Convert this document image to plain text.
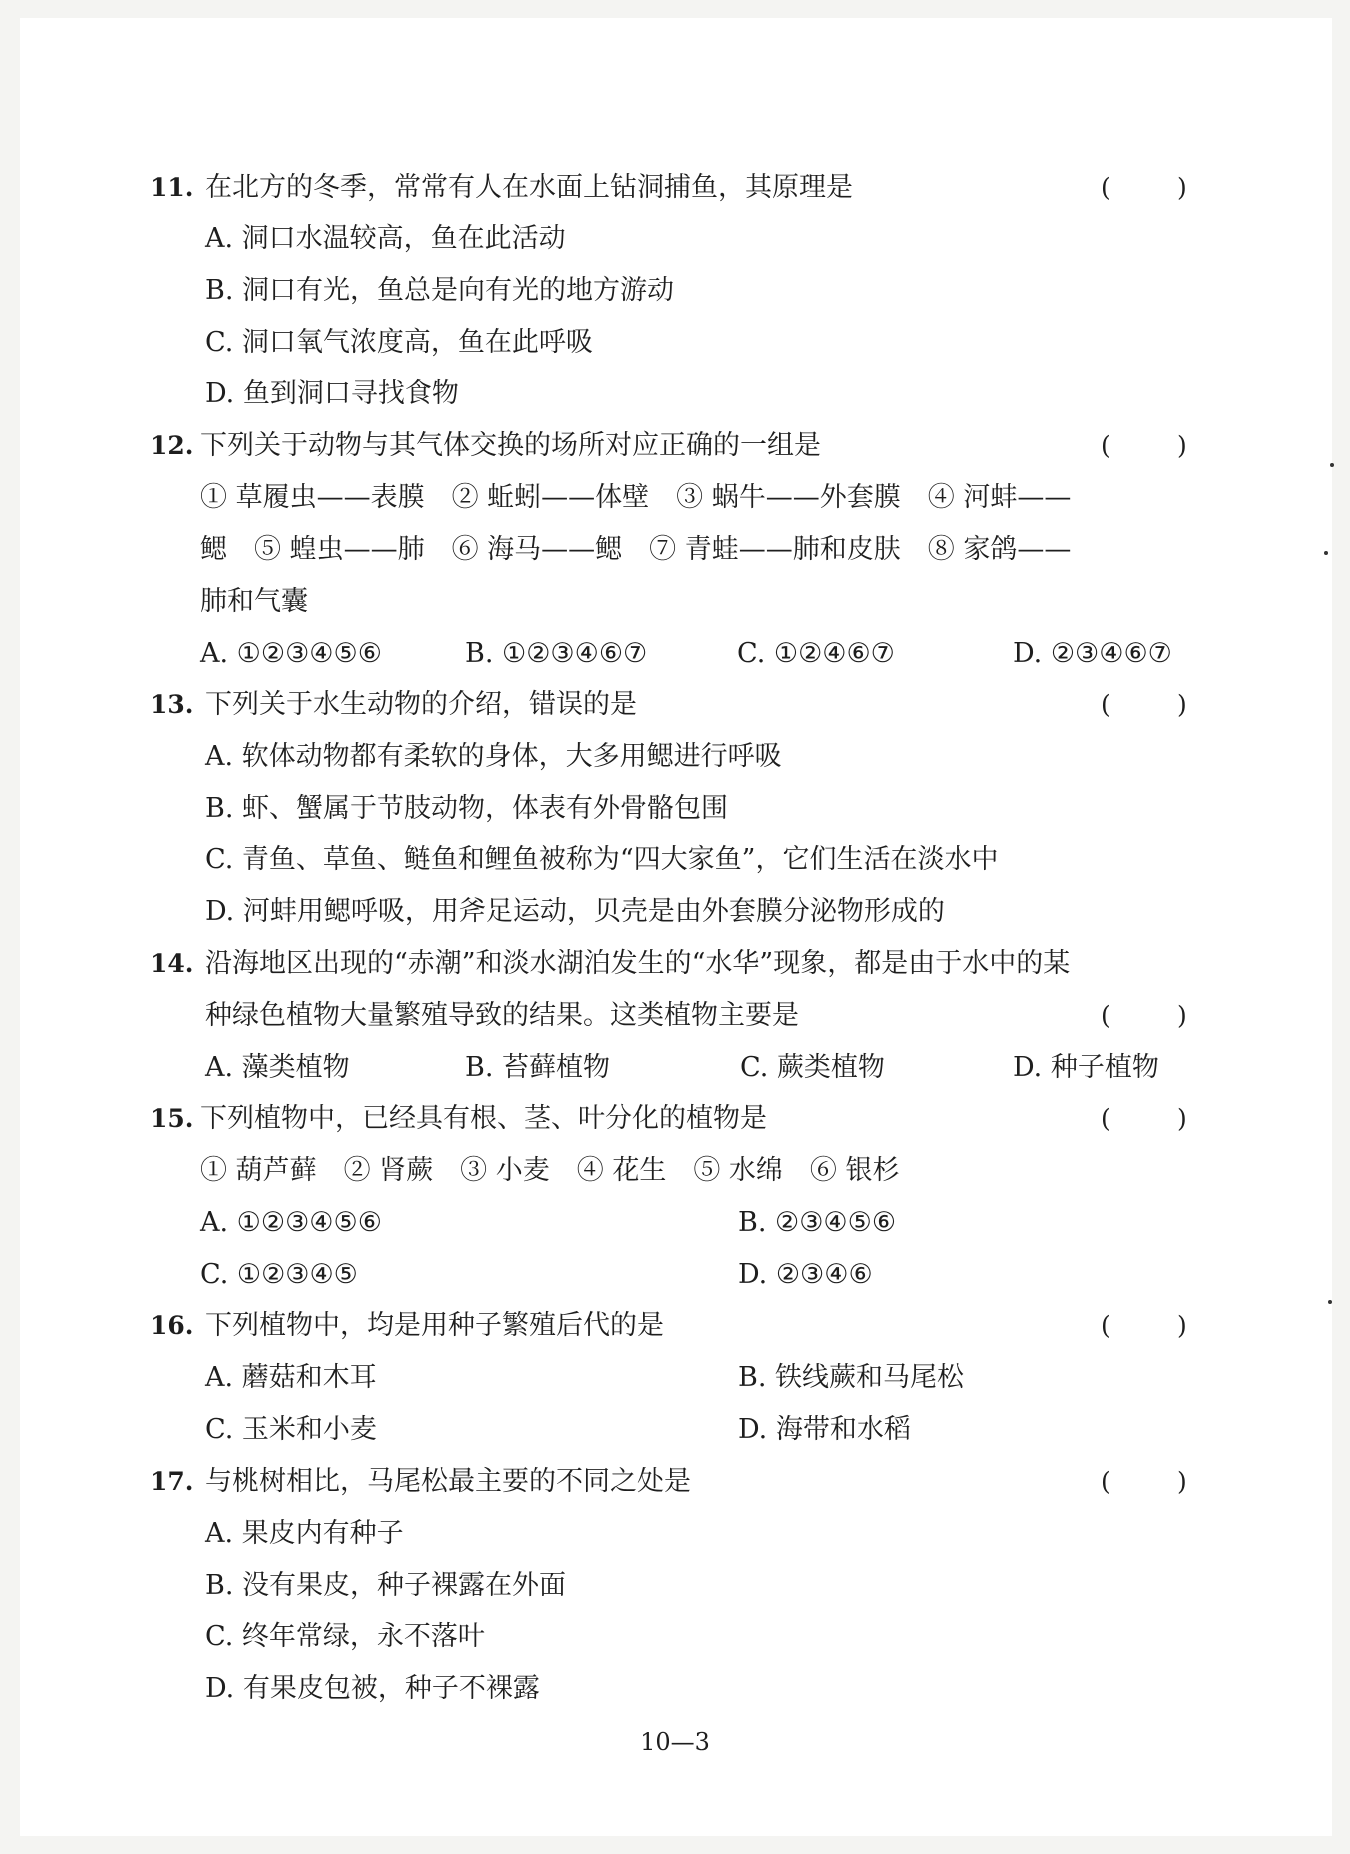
11. 在北方的冬季，常常有人在水面上钻洞捕鱼，其原理是	(	)
A. 洞口水温较高，鱼在此活动
B. 洞口有光，鱼总是向有光的地方游动
C. 洞口氧气浓度高，鱼在此呼吸
D. 鱼到洞口寻找食物
12. 下列关于动物与其气体交换的场所对应正确的一组是	(	)
① 草履虫——表膜　② 蚯蚓——体壁　③ 蜗牛——外套膜　④ 河蚌——
鳃　⑤ 蝗虫——肺　⑥ 海马——鳃　⑦ 青蛙——肺和皮肤　⑧ 家鸽——
肺和气囊
A. ①②③④⑤⑥	B. ①②③④⑥⑦	C. ①②④⑥⑦	D. ②③④⑥⑦
13. 下列关于水生动物的介绍，错误的是	(	)
A. 软体动物都有柔软的身体，大多用鳃进行呼吸
B. 虾、蟹属于节肢动物，体表有外骨骼包围
C. 青鱼、草鱼、鲢鱼和鲤鱼被称为“四大家鱼”，它们生活在淡水中
D. 河蚌用鳃呼吸，用斧足运动，贝壳是由外套膜分泌物形成的
14. 沿海地区出现的“赤潮”和淡水湖泊发生的“水华”现象，都是由于水中的某
种绿色植物大量繁殖导致的结果。这类植物主要是	(	)
A. 藻类植物	B. 苔藓植物	C. 蕨类植物	D. 种子植物
15. 下列植物中，已经具有根、茎、叶分化的植物是	(	)
① 葫芦藓　② 肾蕨　③ 小麦　④ 花生　⑤ 水绵　⑥ 银杉
A. ①②③④⑤⑥	B. ②③④⑤⑥
C. ①②③④⑤	D. ②③④⑥
16. 下列植物中，均是用种子繁殖后代的是	(	)
A. 蘑菇和木耳	B. 铁线蕨和马尾松
C. 玉米和小麦	D. 海带和水稻
17. 与桃树相比，马尾松最主要的不同之处是	(	)
A. 果皮内有种子
B. 没有果皮，种子裸露在外面
C. 终年常绿，永不落叶
D. 有果皮包被，种子不裸露
10—3
